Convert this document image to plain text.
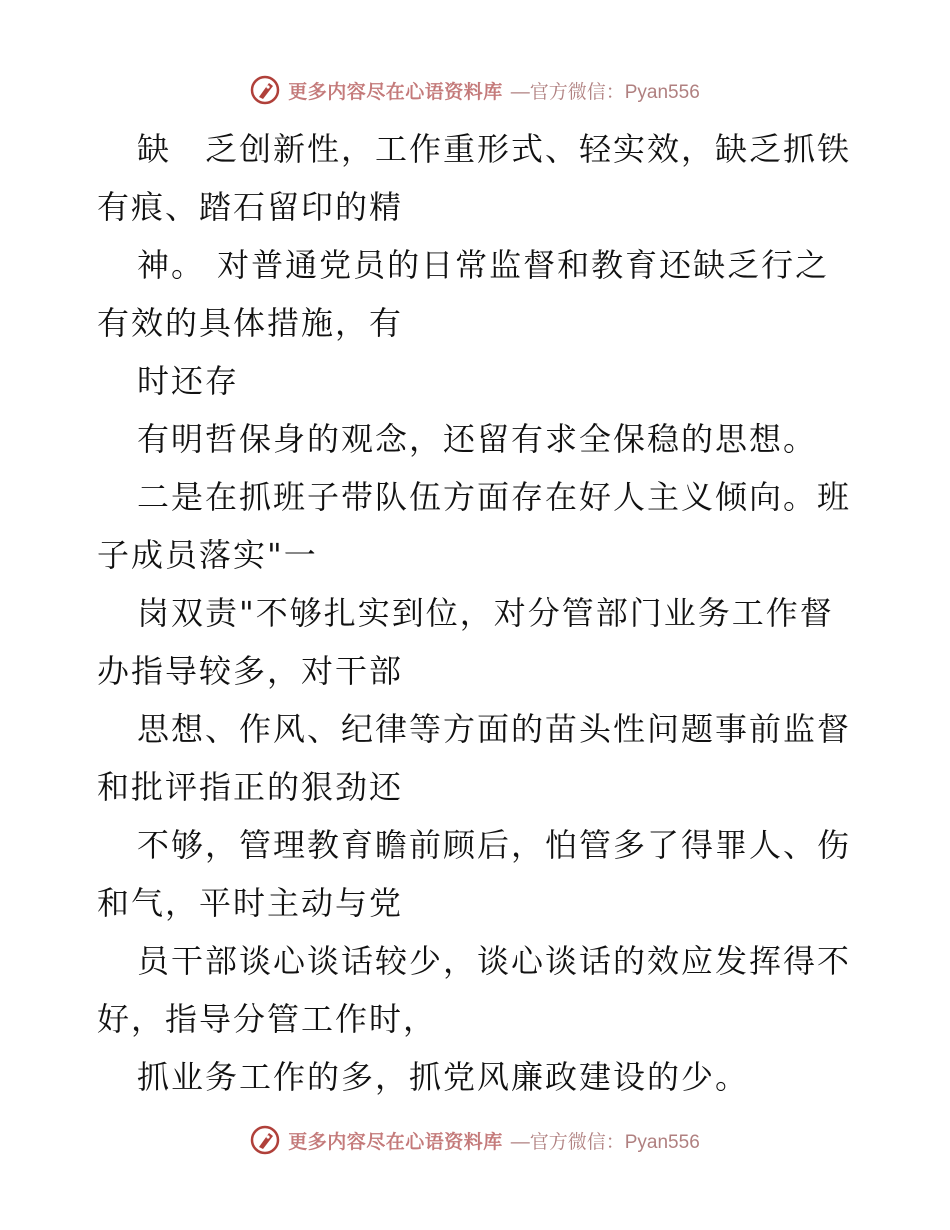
更多内容尽在心语资料库 —官方微信：Pyan556

缺　乏创新性，工作重形式、轻实效，缺乏抓铁

有痕、踏石留印的精

神。 对普通党员的日常监督和教育还缺乏行之

有效的具体措施，有

时还存

有明哲保身的观念，还留有求全保稳的思想。

二是在抓班子带队伍方面存在好人主义倾向。班

子成员落实"一

岗双责"不够扎实到位，对分管部门业务工作督

办指导较多，对干部

思想、作风、纪律等方面的苗头性问题事前监督

和批评指正的狠劲还

不够，管理教育瞻前顾后，怕管多了得罪人、伤

和气，平时主动与党

员干部谈心谈话较少，谈心谈话的效应发挥得不

好，指导分管工作时，

抓业务工作的多，抓党风廉政建设的少。

更多内容尽在心语资料库 —官方微信：Pyan556
